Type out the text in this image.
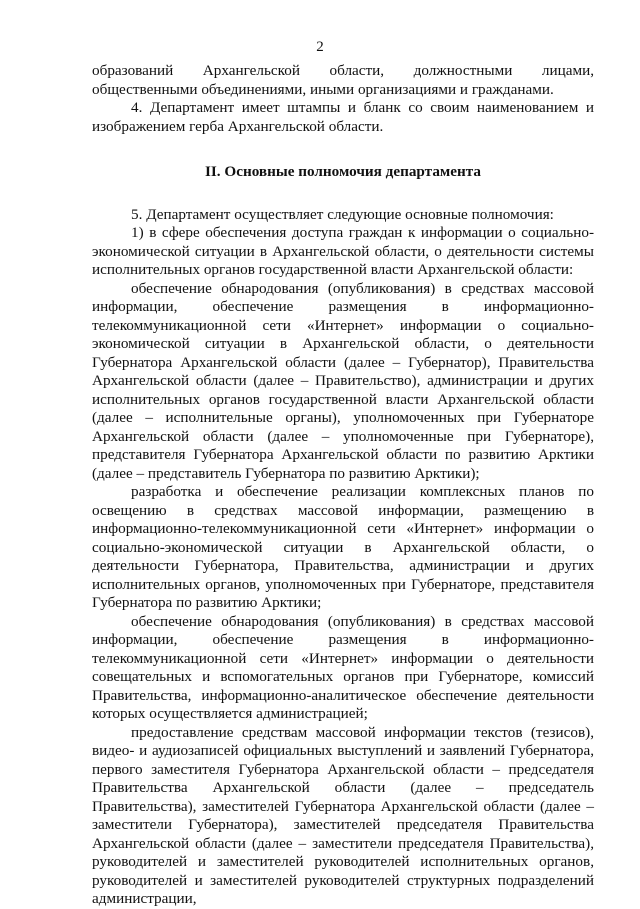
2

образований Архангельской области, должностными лицами, общественными объединениями, иными организациями и гражданами.

4. Департамент имеет штампы и бланк со своим наименованием и изображением герба Архангельской области.

II. Основные полномочия департамента

5. Департамент осуществляет следующие основные полномочия:

1) в сфере обеспечения доступа граждан к информации о социально-экономической ситуации в Архангельской области, о деятельности системы исполнительных органов государственной власти Архангельской области:

обеспечение обнародования (опубликования) в средствах массовой информации, обеспечение размещения в информационно-телекоммуникационной сети «Интернет» информации о социально-экономической ситуации в Архангельской области, о деятельности Губернатора Архангельской области (далее – Губернатор), Правительства Архангельской области (далее – Правительство), администрации и других исполнительных органов государственной власти Архангельской области (далее – исполнительные органы), уполномоченных при Губернаторе Архангельской области (далее – уполномоченные при Губернаторе), представителя Губернатора Архангельской области по развитию Арктики (далее – представитель Губернатора по развитию Арктики);

разработка и обеспечение реализации комплексных планов по освещению в средствах массовой информации, размещению в информационно-телекоммуникационной сети «Интернет» информации о социально-экономической ситуации в Архангельской области, о деятельности Губернатора, Правительства, администрации и других исполнительных органов, уполномоченных при Губернаторе, представителя Губернатора по развитию Арктики;

обеспечение обнародования (опубликования) в средствах массовой информации, обеспечение размещения в информационно-телекоммуникационной сети «Интернет» информации о деятельности совещательных и вспомогательных органов при Губернаторе, комиссий Правительства, информационно-аналитическое обеспечение деятельности которых осуществляется администрацией;

предоставление средствам массовой информации текстов (тезисов), видео- и аудиозаписей официальных выступлений и заявлений Губернатора, первого заместителя Губернатора Архангельской области – председателя Правительства Архангельской области (далее – председатель Правительства), заместителей Губернатора Архангельской области (далее – заместители Губернатора), заместителей председателя Правительства Архангельской области (далее – заместители председателя Правительства), руководителей и заместителей руководителей исполнительных органов, руководителей и заместителей руководителей структурных подразделений администрации,
